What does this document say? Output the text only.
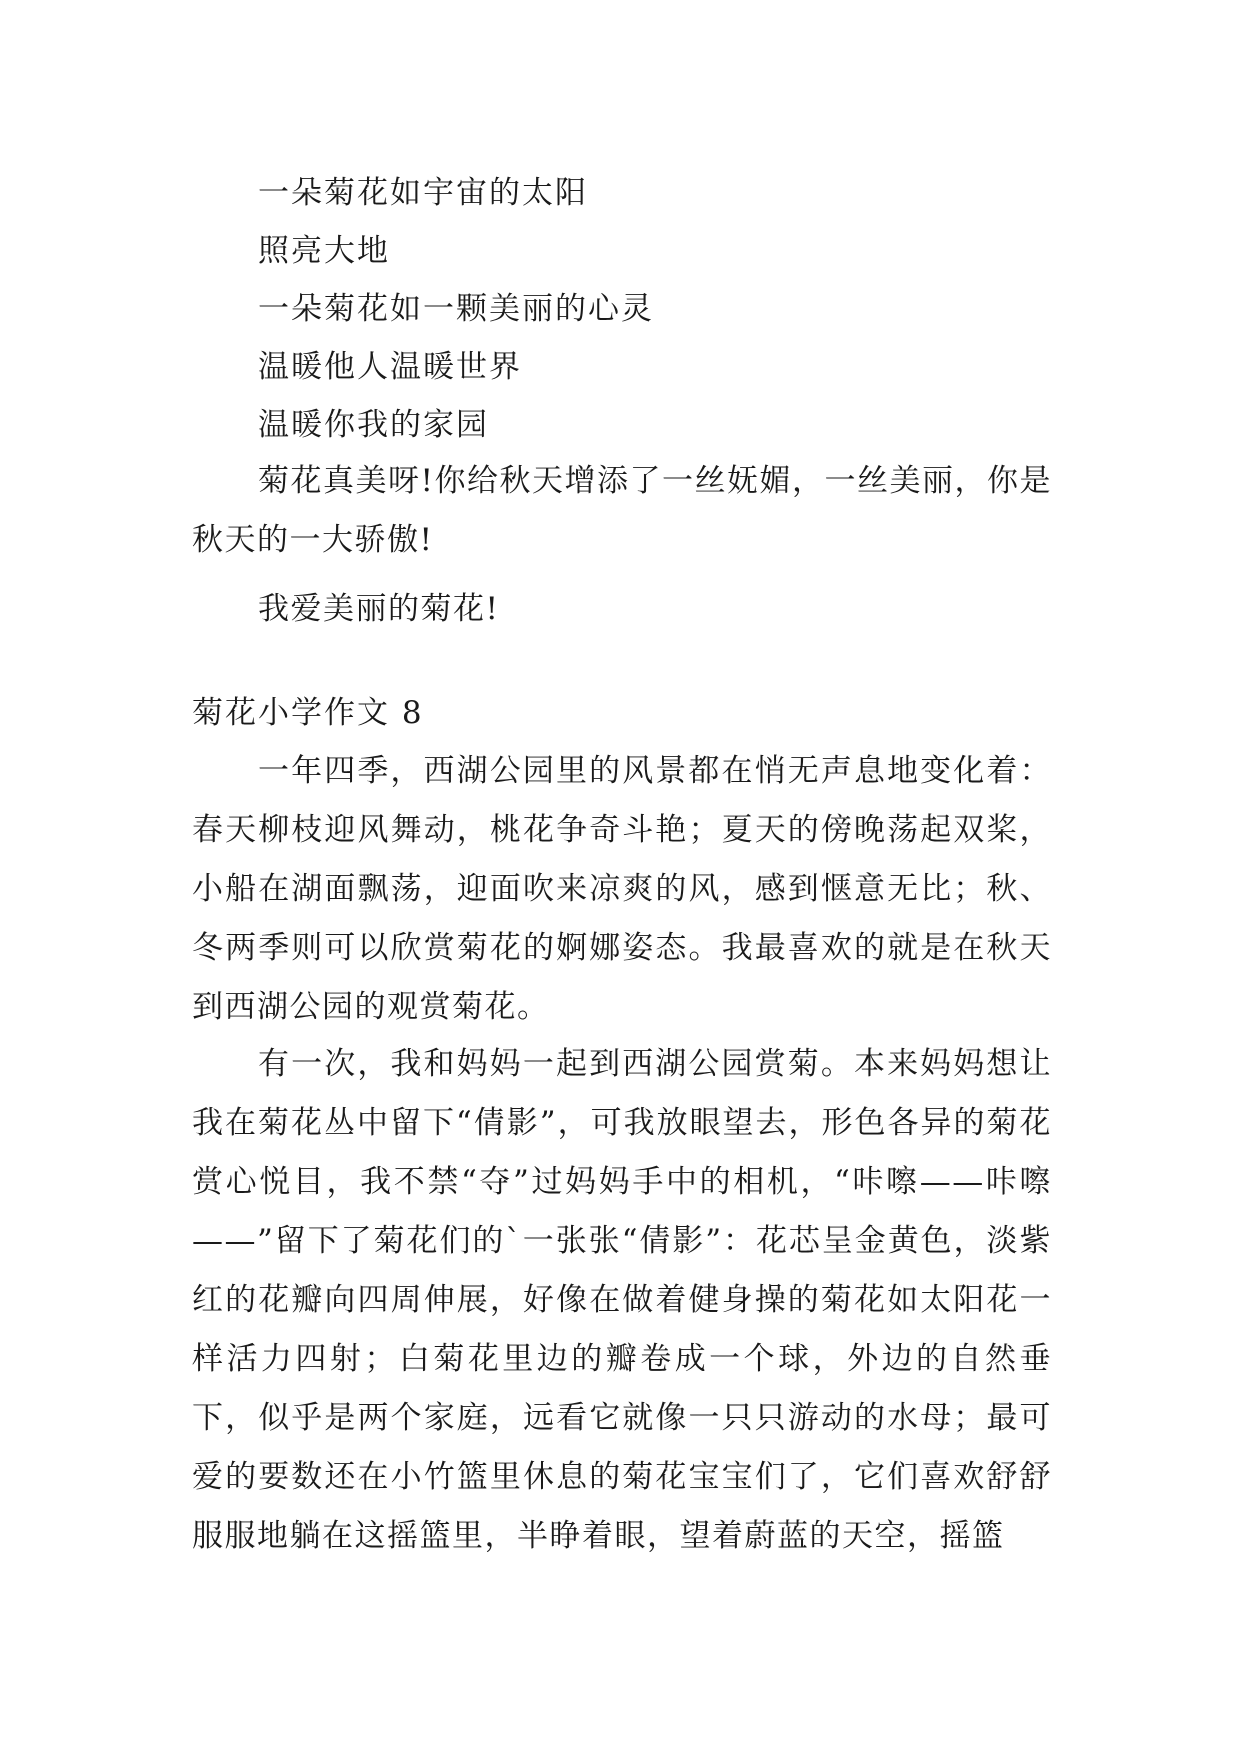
一朵菊花如宇宙的太阳
照亮大地
一朵菊花如一颗美丽的心灵
温暖他人温暖世界
温暖你我的家园

菊花真美呀!你给秋天增添了一丝妩媚，一丝美丽，你是秋天的一大骄傲!

我爱美丽的菊花!

菊花小学作文 8

一年四季，西湖公园里的风景都在悄无声息地变化着：春天柳枝迎风舞动，桃花争奇斗艳；夏天的傍晚荡起双桨，小船在湖面飘荡，迎面吹来凉爽的风，感到惬意无比；秋、冬两季则可以欣赏菊花的婀娜姿态。我最喜欢的就是在秋天到西湖公园的观赏菊花。

有一次，我和妈妈一起到西湖公园赏菊。本来妈妈想让我在菊花丛中留下“倩影”，可我放眼望去，形色各异的菊花赏心悦目，我不禁“夺”过妈妈手中的相机，“咔嚓——咔嚓——”留下了菊花们的`一张张“倩影”：花芯呈金黄色，淡紫红的花瓣向四周伸展，好像在做着健身操的菊花如太阳花一样活力四射；白菊花里边的瓣卷成一个球，外边的自然垂下，似乎是两个家庭，远看它就像一只只游动的水母；最可爱的要数还在小竹篮里休息的菊花宝宝们了，它们喜欢舒舒服服地躺在这摇篮里，半睁着眼，望着蔚蓝的天空，摇篮
